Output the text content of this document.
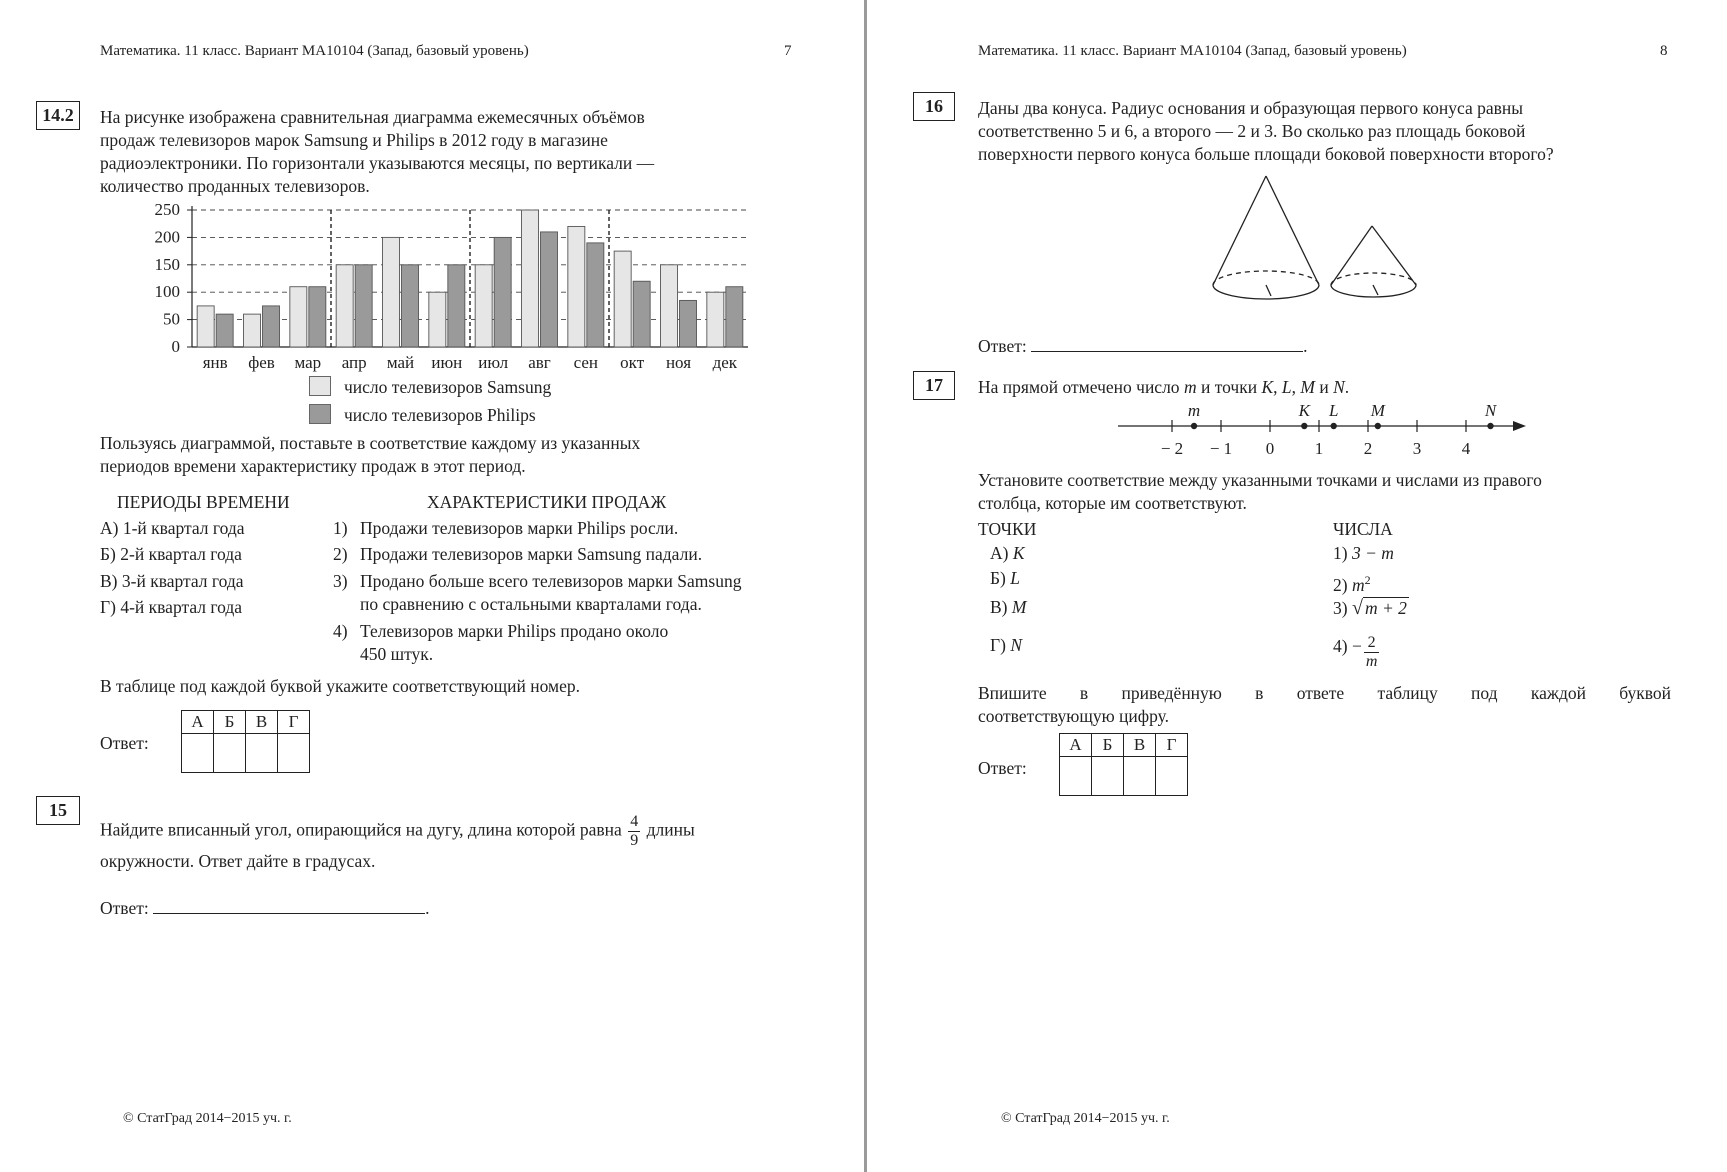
Математика. 11 класс. Вариант МА10104 (Запад, базовый уровень)	7
14.2	На рисунке изображена сравнительная диаграмма ежемесячных объёмов
продаж телевизоров марок Samsung и Philips в 2012 году в магазине
радиоэлектроники. По горизонтали указываются месяцы, по вертикали —
количество проданных телевизоров.
0
50
100
150
200
250
янв фев мар апр май июн июл авг сен окт ноя дек
число телевизоров Samsung
число телевизоров Philips
Пользуясь диаграммой, поставьте в соответствие каждому из указанных
периодов времени характеристику продаж в этот период.
ПЕРИОДЫ ВРЕМЕНИ
А) 1-й квартал года
Б) 2-й квартал года
В) 3-й квартал года
Г) 4-й квартал года
ХАРАКТЕРИСТИКИ ПРОДАЖ
1) Продажи телевизоров марки Philips росли.
2) Продажи телевизоров марки Samsung падали.
3) Продано больше всего телевизоров марки Samsung
по сравнению с остальными кварталами года.
4) Телевизоров марки Philips продано около
450 штук.
В таблице под каждой буквой укажите соответствующий номер.
Ответ:
А	Б	В	Г

15
Найдите вписанный угол, опирающийся на дугу, длина которой равна $\frac{4}{9}$ длины
окружности. Ответ дайте в градусах.
Ответ:	.
© СтатГрад 2014−2015 уч. г.
Математика. 11 класс. Вариант МА10104 (Запад, базовый уровень)	8
16	Даны два конуса. Радиус основания и образующая первого конуса равны
соответственно 5 и 6, а второго — 2 и 3. Во сколько раз площадь боковой
поверхности первого конуса больше площади боковой поверхности второго?
Ответ:	.
17	На прямой отмечено число m и точки K, L, M и N.
− 2 − 1 0 1 2 3 4
m	K L M	N
Установите соответствие между указанными точками и числами из правого
столбца, которые им соответствуют.
ТОЧКИ
А) K
Б) L
В) M
Г) N
ЧИСЛА
1) 3 − m
2) $m^2$
3) √ m + 2
$4) - \frac{2}{m}$
Впишите в приведённую в ответе таблицу под каждой буквой
соответствующую цифру.
Ответ:
А	Б	В	Г

© СтатГрад 2014−2015 уч. г.
